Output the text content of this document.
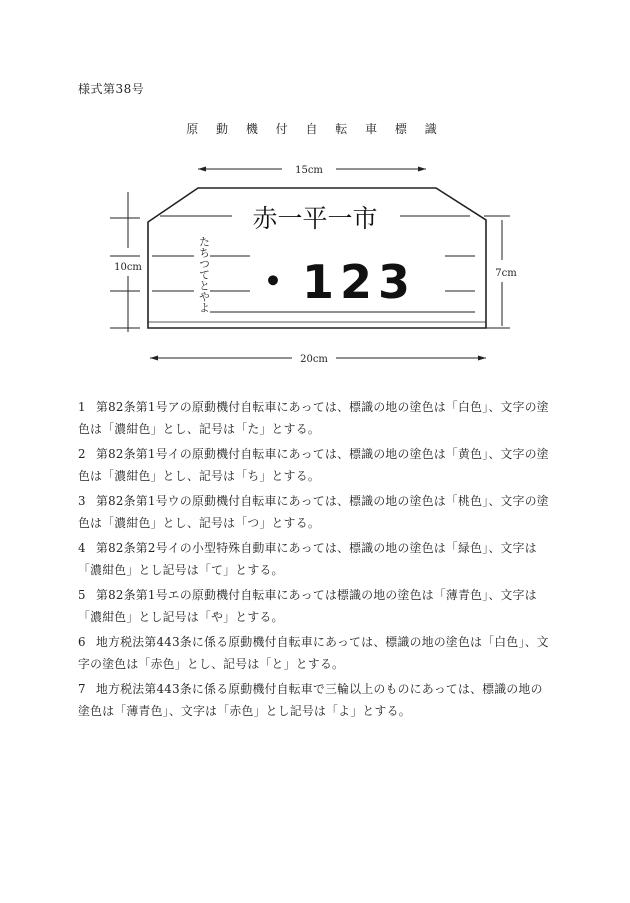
様式第38号
原 動 機 付 自 転 車 標 識
15cm
赤一平一市
たちつてとやよ ・123
10cm
7cm
20cm
1 第82条第1号アの原動機付自転車にあっては、標識の地の塗色は「白色」、文字の塗色は「濃紺色」とし、記号は「た」とする。
2 第82条第1号イの原動機付自転車にあっては、標識の地の塗色は「黄色」、文字の塗色は「濃紺色」とし、記号は「ち」とする。
3 第82条第1号ウの原動機付自転車にあっては、標識の地の塗色は「桃色」、文字の塗色は「濃紺色」とし、記号は「つ」とする。
4 第82条第2号イの小型特殊自動車にあっては、標識の地の塗色は「緑色」、文字は「濃紺色」とし記号は「て」とする。
5 第82条第1号エの原動機付自転車にあっては標識の地の塗色は「薄青色」、文字は「濃紺色」とし記号は「や」とする。
6 地方税法第443条に係る原動機付自転車にあっては、標識の地の塗色は「白色」、文字の塗色は「赤色」とし、記号は「と」とする。
7 地方税法第443条に係る原動機付自転車で三輪以上のものにあっては、標識の地の塗色は「薄青色」、文字は「赤色」とし記号は「よ」とする。
